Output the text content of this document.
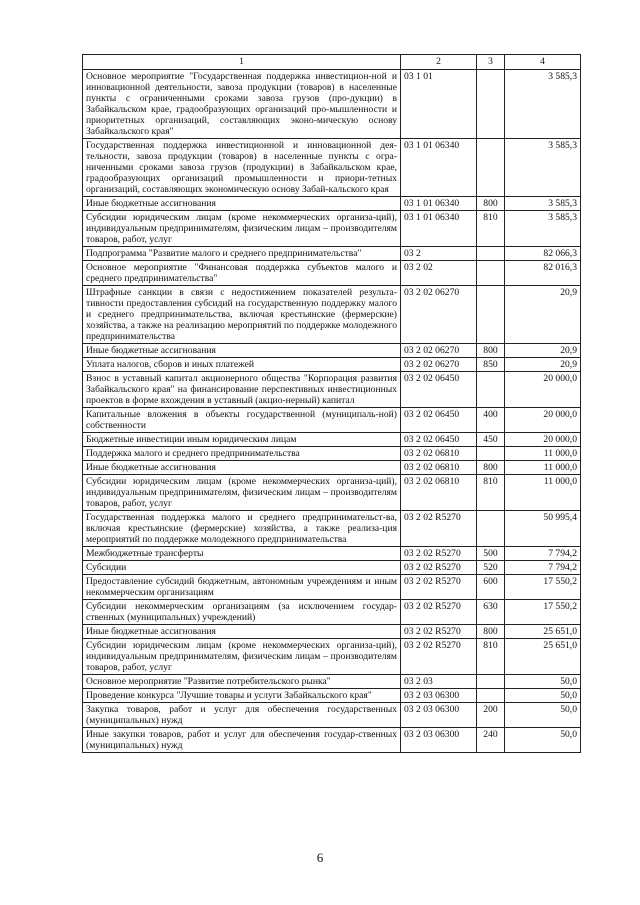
1	2	3	4
Основное мероприятие "Государственная поддержка инвестицион-ной и инновационной деятельности, завоза продукции (товаров) в населенные пункты с ограниченными сроками завоза грузов (про-дукции) в Забайкальском крае, градообразующих организаций про-мышленности и приоритетных организаций, составляющих эконо-мическую основу Забайкальского края"	03 1 01		3 585,3
Государственная поддержка инвестиционной и инновационной дея-тельности, завоза продукции (товаров) в населенные пункты с огра-ниченными сроками завоза грузов (продукции) в Забайкальском крае, градообразующих организаций промышленности и приори-тетных организаций, составляющих экономическую основу Забай-кальского края	03 1 01 06340		3 585,3
Иные бюджетные ассигнования	03 1 01 06340	800	3 585,3
Субсидии юридическим лицам (кроме некоммерческих организа-ций), индивидуальным предпринимателям, физическим лицам – производителям товаров, работ, услуг	03 1 01 06340	810	3 585,3
Подпрограмма "Развитие малого и среднего предпринимательства"	03 2		82 066,3
Основное мероприятие "Финансовая поддержка субъектов малого и среднего предпринимательства"	03 2 02		82 016,3
Штрафные санкции в связи с недостижением показателей результа-тивности предоставления субсидий на государственную поддержку малого и среднего предпринимательства, включая крестьянские (фермерские) хозяйства, а также на реализацию мероприятий по поддержке молодежного предпринимательства	03 2 02 06270		20,9
Иные бюджетные ассигнования	03 2 02 06270	800	20,9
Уплата налогов, сборов и иных платежей	03 2 02 06270	850	20,9
Взнос в уставный капитал акционерного общества "Корпорация развития Забайкальского края" на финансирование перспективных инвестиционных проектов в форме вхождения в уставный (акцио-нерный) капитал	03 2 02 06450		20 000,0
Капитальные вложения в объекты государственной (муниципаль-ной) собственности	03 2 02 06450	400	20 000,0
Бюджетные инвестиции иным юридическим лицам	03 2 02 06450	450	20 000,0
Поддержка малого и среднего предпринимательства	03 2 02 06810		11 000,0
Иные бюджетные ассигнования	03 2 02 06810	800	11 000,0
Субсидии юридическим лицам (кроме некоммерческих организа-ций), индивидуальным предпринимателям, физическим лицам – производителям товаров, работ, услуг	03 2 02 06810	810	11 000,0
Государственная поддержка малого и среднего предпринимательст-ва, включая крестьянские (фермерские) хозяйства, а также реализа-ция мероприятий по поддержке молодежного предпринимательства	03 2 02 R5270		50 995,4
Межбюджетные трансферты	03 2 02 R5270	500	7 794,2
Субсидии	03 2 02 R5270	520	7 794,2
Предоставление субсидий бюджетным, автономным учреждениям и иным некоммерческим организациям	03 2 02 R5270	600	17 550,2
Субсидии некоммерческим организациям (за исключением государ-ственных (муниципальных) учреждений)	03 2 02 R5270	630	17 550,2
Иные бюджетные ассигнования	03 2 02 R5270	800	25 651,0
Субсидии юридическим лицам (кроме некоммерческих организа-ций), индивидуальным предпринимателям, физическим лицам – производителям товаров, работ, услуг	03 2 02 R5270	810	25 651,0
Основное мероприятие "Развитие потребительского рынка"	03 2 03		50,0
Проведение конкурса "Лучшие товары и услуги Забайкальского края"	03 2 03 06300		50,0
Закупка товаров, работ и услуг для обеспечения государственных (муниципальных) нужд	03 2 03 06300	200	50,0
Иные закупки товаров, работ и услуг для обеспечения государ-ственных (муниципальных) нужд	03 2 03 06300	240	50,0
6
